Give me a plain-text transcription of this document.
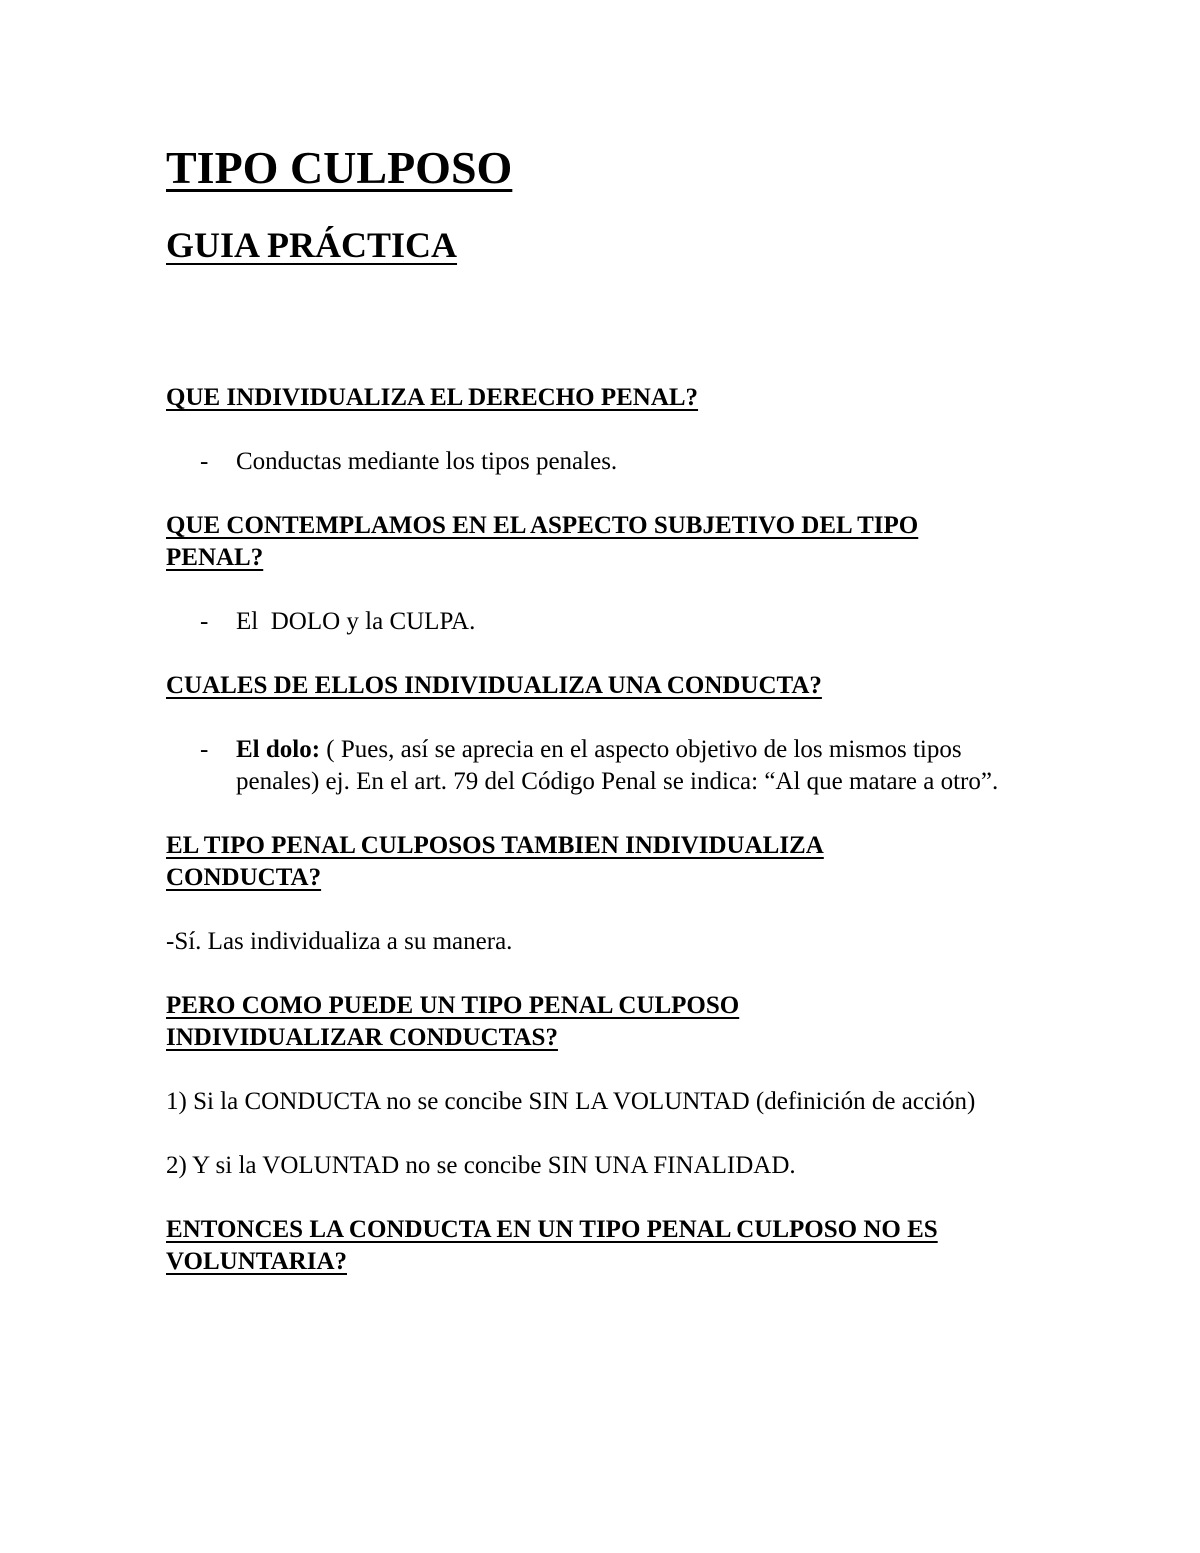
TIPO CULPOSO
GUIA PRÁCTICA

QUE INDIVIDUALIZA EL DERECHO PENAL?

-	Conductas mediante los tipos penales.

QUE CONTEMPLAMOS EN EL ASPECTO SUBJETIVO DEL TIPO PENAL?

-	El  DOLO y la CULPA.

CUALES DE ELLOS INDIVIDUALIZA UNA CONDUCTA?

-	El dolo: ( Pues, así se aprecia en el aspecto objetivo de los mismos tipos penales) ej. En el art. 79 del Código Penal se indica: “Al que matare a otro”.

EL TIPO PENAL CULPOSOS TAMBIEN INDIVIDUALIZA CONDUCTA?

-Sí. Las individualiza a su manera.

PERO COMO PUEDE UN TIPO PENAL CULPOSO INDIVIDUALIZAR CONDUCTAS?

1) Si la CONDUCTA no se concibe SIN LA VOLUNTAD (definición de acción)

2) Y si la VOLUNTAD no se concibe SIN UNA FINALIDAD.

ENTONCES LA CONDUCTA EN UN TIPO PENAL CULPOSO NO ES VOLUNTARIA?
